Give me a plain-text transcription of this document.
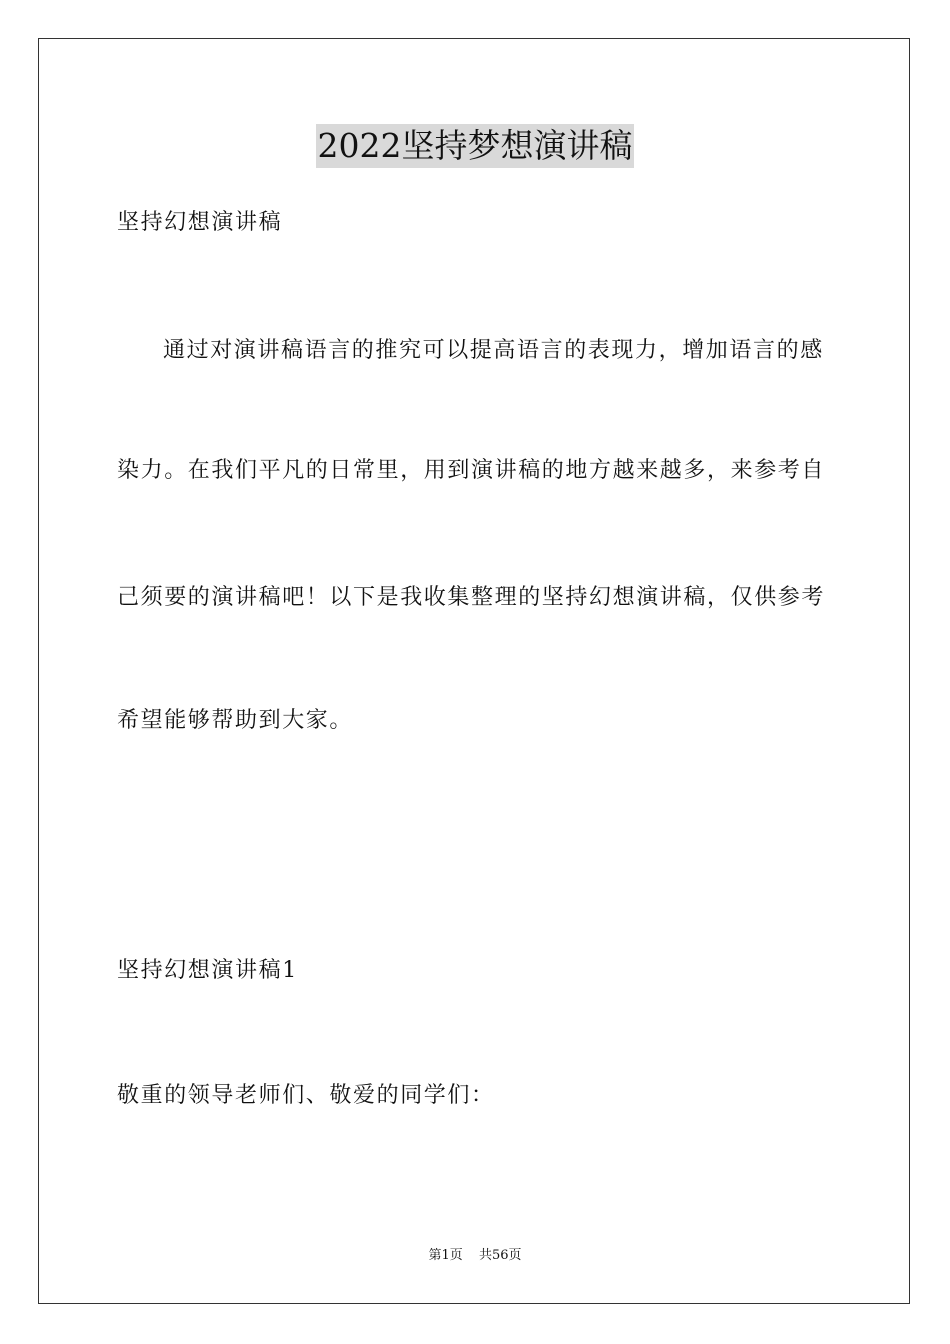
2022坚持梦想演讲稿
坚持幻想演讲稿
通过对演讲稿语言的推究可以提高语言的表现力，增加语言的感
染力。在我们平凡的日常里，用到演讲稿的地方越来越多，来参考自
己须要的演讲稿吧！以下是我收集整理的坚持幻想演讲稿，仅供参考
希望能够帮助到大家。
坚持幻想演讲稿1
敬重的领导老师们、敬爱的同学们：
第1页 共56页
